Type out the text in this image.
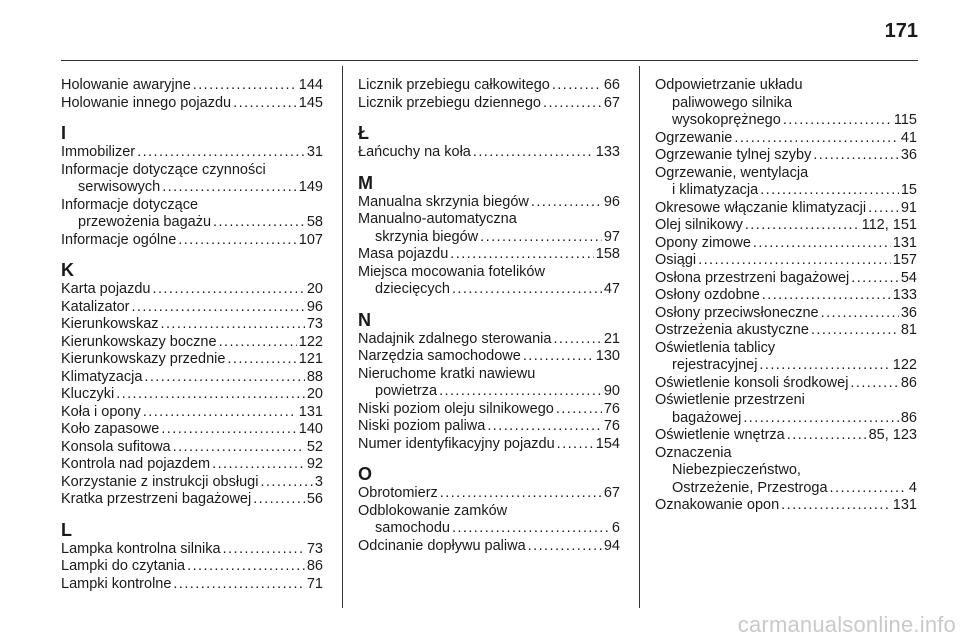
171
Holowanie awaryjne . . .	144
Holowanie innego pojazdu . . .	145
I
Immobilizer . . .	31
Informacje dotyczące czynności
serwisowych . . .	149
Informacje dotyczące
przewożenia bagażu . . .	58
Informacje ogólne . . .	107
K
Karta pojazdu . . .	20
Katalizator . . .	96
Kierunkowskaz . . .	73
Kierunkowskazy boczne . . .	122
Kierunkowskazy przednie . . .	121
Klimatyzacja . . .	88
Kluczyki . . .	20
Koła i opony . . .	131
Koło zapasowe . . .	140
Konsola sufitowa . . .	52
Kontrola nad pojazdem . . .	92
Korzystanie z instrukcji obsługi . . .	3
Kratka przestrzeni bagażowej . . .	56
L
Lampka kontrolna silnika . . .	73
Lampki do czytania . . .	86
Lampki kontrolne . . .	71
Licznik przebiegu całkowitego . . .	66
Licznik przebiegu dziennego . . .	67
Ł
Łańcuchy na koła . . .	133
M
Manualna skrzynia biegów . . .	96
Manualno-automatyczna
skrzynia biegów . . .	97
Masa pojazdu . . .	158
Miejsca mocowania fotelików
dziecięcych . . .	47
N
Nadajnik zdalnego sterowania . . .	21
Narzędzia samochodowe . . .	130
Nieruchome kratki nawiewu
powietrza . . .	90
Niski poziom oleju silnikowego . . .	76
Niski poziom paliwa . . .	76
Numer identyfikacyjny pojazdu . . .	154
O
Obrotomierz . . .	67
Odblokowanie zamków
samochodu . . .	6
Odcinanie dopływu paliwa . . .	94
Odpowietrzanie układu
paliwowego silnika
wysokoprężnego . . .	115
Ogrzewanie . . .	41
Ogrzewanie tylnej szyby . . .	36
Ogrzewanie, wentylacja
i klimatyzacja . . .	15
Okresowe włączanie klimatyzacji . . . 91
Olej silnikowy . . .	112, 151
Opony zimowe . . .	131
Osiągi . . .	157
Osłona przestrzeni bagażowej . . .	54
Osłony ozdobne . . .	133
Osłony przeciwsłoneczne . . .	36
Ostrzeżenia akustyczne . . .	81
Oświetlenia tablicy
rejestracyjnej . . .	122
Oświetlenie konsoli środkowej . . .	86
Oświetlenie przestrzeni
bagażowej . . .	86
Oświetlenie wnętrza . . .	85, 123
Oznaczenia
Niebezpieczeństwo,
Ostrzeżenie, Przestroga . . .	4
Oznakowanie opon . . .	131
carmanualsonline.info
